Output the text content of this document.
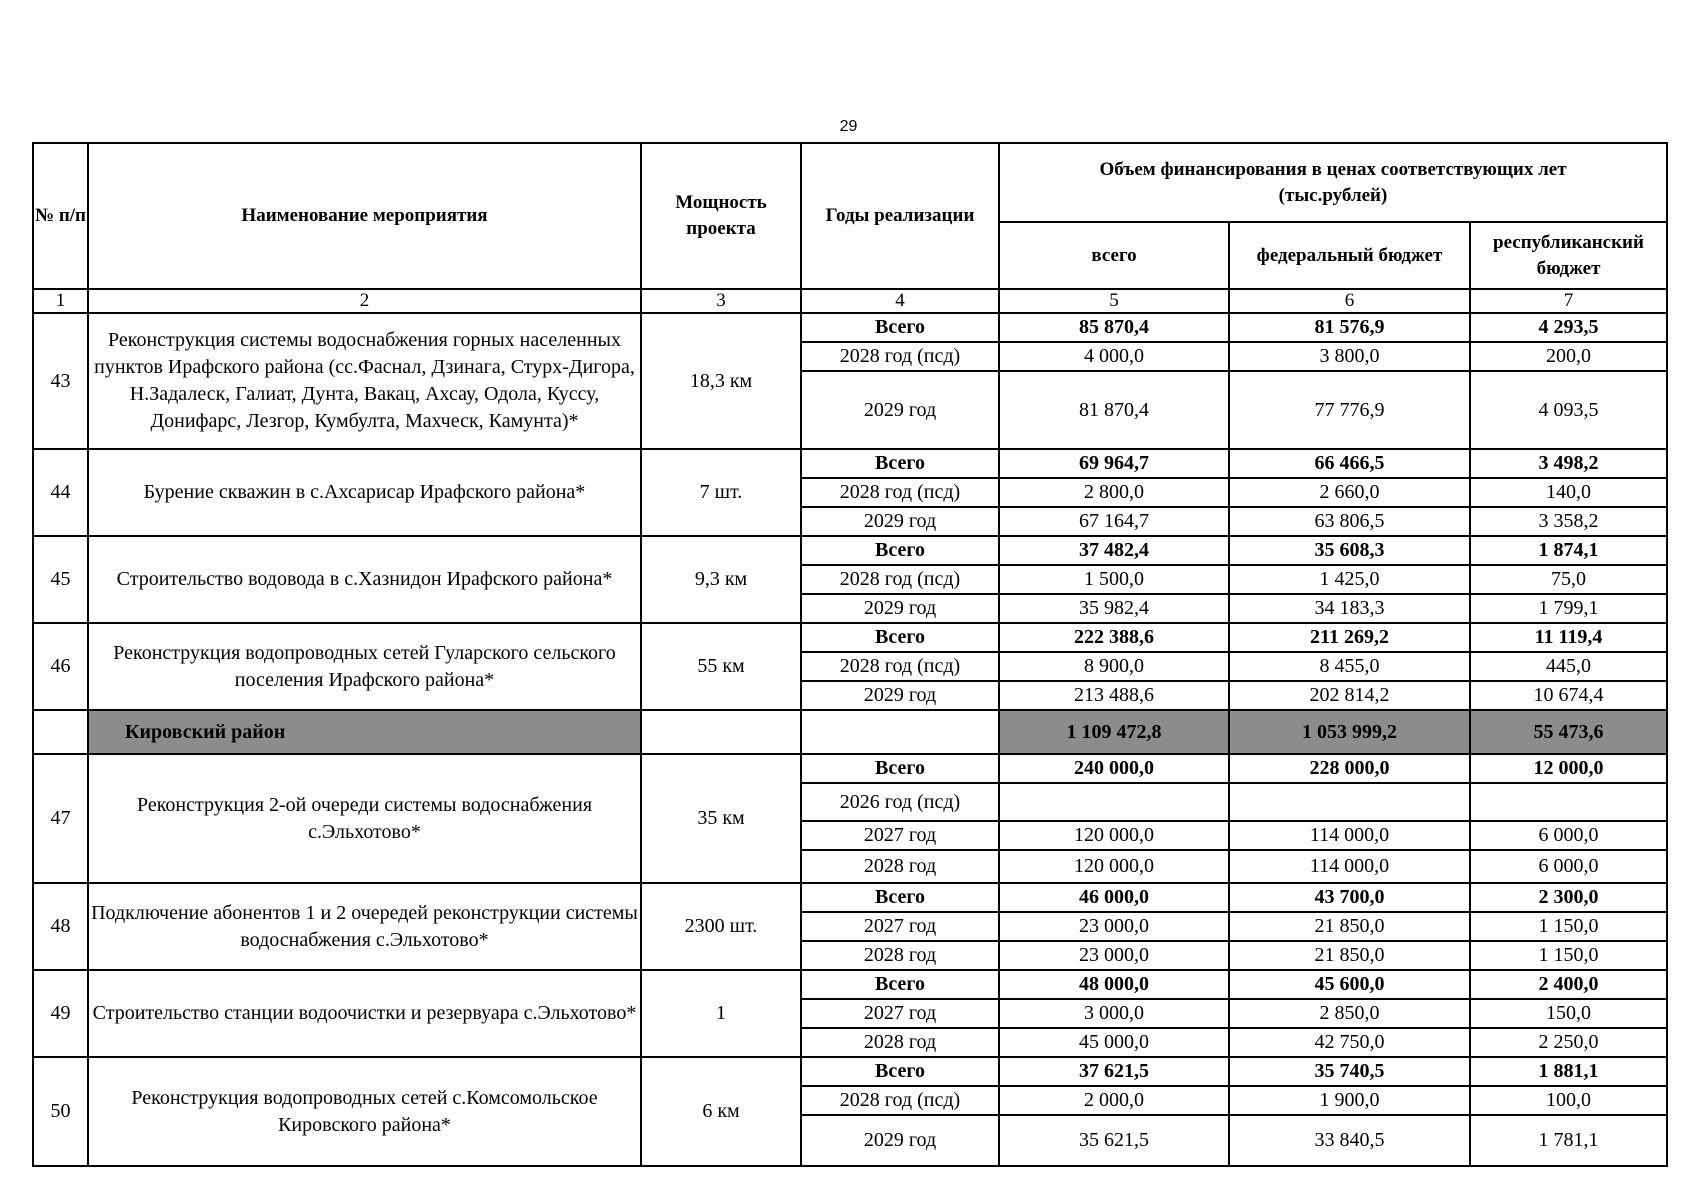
29
№ п/п	Наименование мероприятия	Мощность проекта	Годы реализации	Объем финансирования в ценах соответствующих лет (тыс.рублей)		
				всего	федеральный бюджет	республиканский бюджет
1	2	3	4	5	6	7
43	Реконструкция системы водоснабжения горных населенных пунктов Ирафского района (сс.Фаснал, Дзинага, Стурх-Дигора, Н.Задалеск, Галиат, Дунта, Вакац, Ахсау, Одола, Куссу, Донифарс, Лезгор, Кумбулта, Махческ, Камунта)*	18,3 км	Всего	85 870,4	81 576,9	4 293,5
			2028 год (псд)	4 000,0	3 800,0	200,0
			2029 год	81 870,4	77 776,9	4 093,5
44	Бурение скважин в с.Ахсарисар Ирафского района*	7 шт.	Всего	69 964,7	66 466,5	3 498,2
			2028 год (псд)	2 800,0	2 660,0	140,0
			2029 год	67 164,7	63 806,5	3 358,2
45	Строительство водовода в с.Хазнидон Ирафского района*	9,3 км	Всего	37 482,4	35 608,3	1 874,1
			2028 год (псд)	1 500,0	1 425,0	75,0
			2029 год	35 982,4	34 183,3	1 799,1
46	Реконструкция водопроводных сетей Гуларского сельского поселения Ирафского района*	55 км	Всего	222 388,6	211 269,2	11 119,4
			2028 год (псд)	8 900,0	8 455,0	445,0
			2029 год	213 488,6	202 814,2	10 674,4
	Кировский район			1 109 472,8	1 053 999,2	55 473,6
47	Реконструкция 2-ой очереди системы водоснабжения с.Эльхотово*	35 км	Всего	240 000,0	228 000,0	12 000,0
			2026 год (псд)			
			2027 год	120 000,0	114 000,0	6 000,0
			2028 год	120 000,0	114 000,0	6 000,0
48	Подключение абонентов 1 и 2 очередей реконструкции системы водоснабжения с.Эльхотово*	2300 шт.	Всего	46 000,0	43 700,0	2 300,0
			2027 год	23 000,0	21 850,0	1 150,0
			2028 год	23 000,0	21 850,0	1 150,0
49	Строительство станции водоочистки и резервуара с.Эльхотово*	1	Всего	48 000,0	45 600,0	2 400,0
			2027 год	3 000,0	2 850,0	150,0
			2028 год	45 000,0	42 750,0	2 250,0
50	Реконструкция водопроводных сетей с.Комсомольское Кировского района*	6 км	Всего	37 621,5	35 740,5	1 881,1
			2028 год (псд)	2 000,0	1 900,0	100,0
			2029 год	35 621,5	33 840,5	1 781,1
